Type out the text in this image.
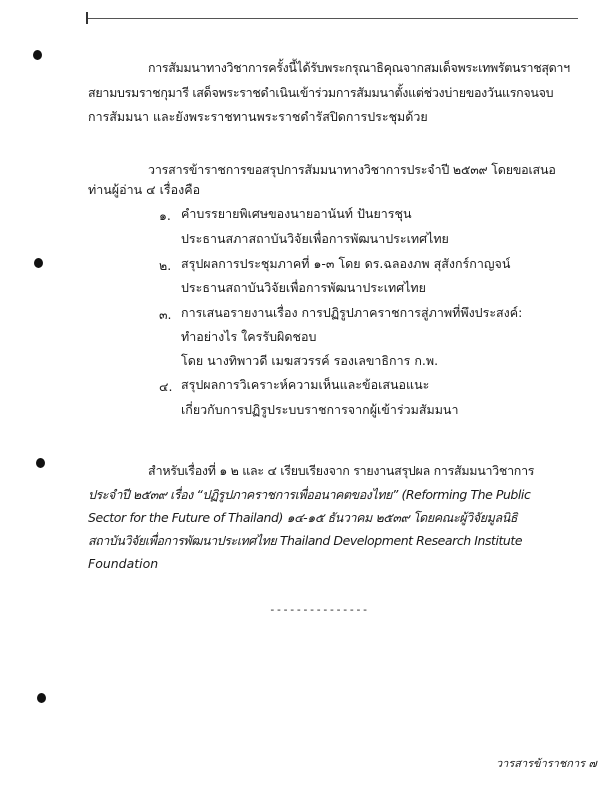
การสัมมนาทางวิชาการครั้งนี้ได้รับพระกรุณาธิคุณจากสมเด็จพระเทพรัตนราชสุดาฯ
สยามบรมราชกุมารี เสด็จพระราชดำเนินเข้าร่วมการสัมมนาตั้งแต่ช่วงบ่ายของวันแรกจนจบ
การสัมมนา และยังพระราชทานพระราชดำรัสปิดการประชุมด้วย
วารสารข้าราชการขอสรุปการสัมมนาทางวิชาการประจำปี ๒๕๓๙ โดยขอเสนอ
ท่านผู้อ่าน ๔ เรื่องคือ
๑. คำบรรยายพิเศษของนายอานันท์ ปันยารชุน
ประธานสภาสถาบันวิจัยเพื่อการพัฒนาประเทศไทย
๒. สรุปผลการประชุมภาคที่ ๑-๓ โดย ดร.ฉลองภพ สุสังกร์กาญจน์
ประธานสถาบันวิจัยเพื่อการพัฒนาประเทศไทย
๓. การเสนอรายงานเรื่อง การปฏิรูปภาคราชการสู่ภาพที่พึงประสงค์:
ทำอย่างไร ใครรับผิดชอบ
โดย นางทิพาวดี เมฆสวรรค์ รองเลขาธิการ ก.พ.
๔. สรุปผลการวิเคราะห์ความเห็นและข้อเสนอแนะ
เกี่ยวกับการปฏิรูประบบราชการจากผู้เข้าร่วมสัมมนา
สำหรับเรื่องที่ ๑ ๒ และ ๔ เรียบเรียงจาก รายงานสรุปผล การสัมมนาวิชาการ
ประจำปี ๒๕๓๙ เรื่อง “ปฏิรูปภาคราชการเพื่ออนาคตของไทย” (Reforming The Public
Sector for the Future of Thailand) ๑๔-๑๕ ธันวาคม ๒๕๓๙ โดยคณะผู้วิจัยมูลนิธิ
สถาบันวิจัยเพื่อการพัฒนาประเทศไทย Thailand Development Research Institute
Foundation
---------------
วารสารข้าราชการ ๗
